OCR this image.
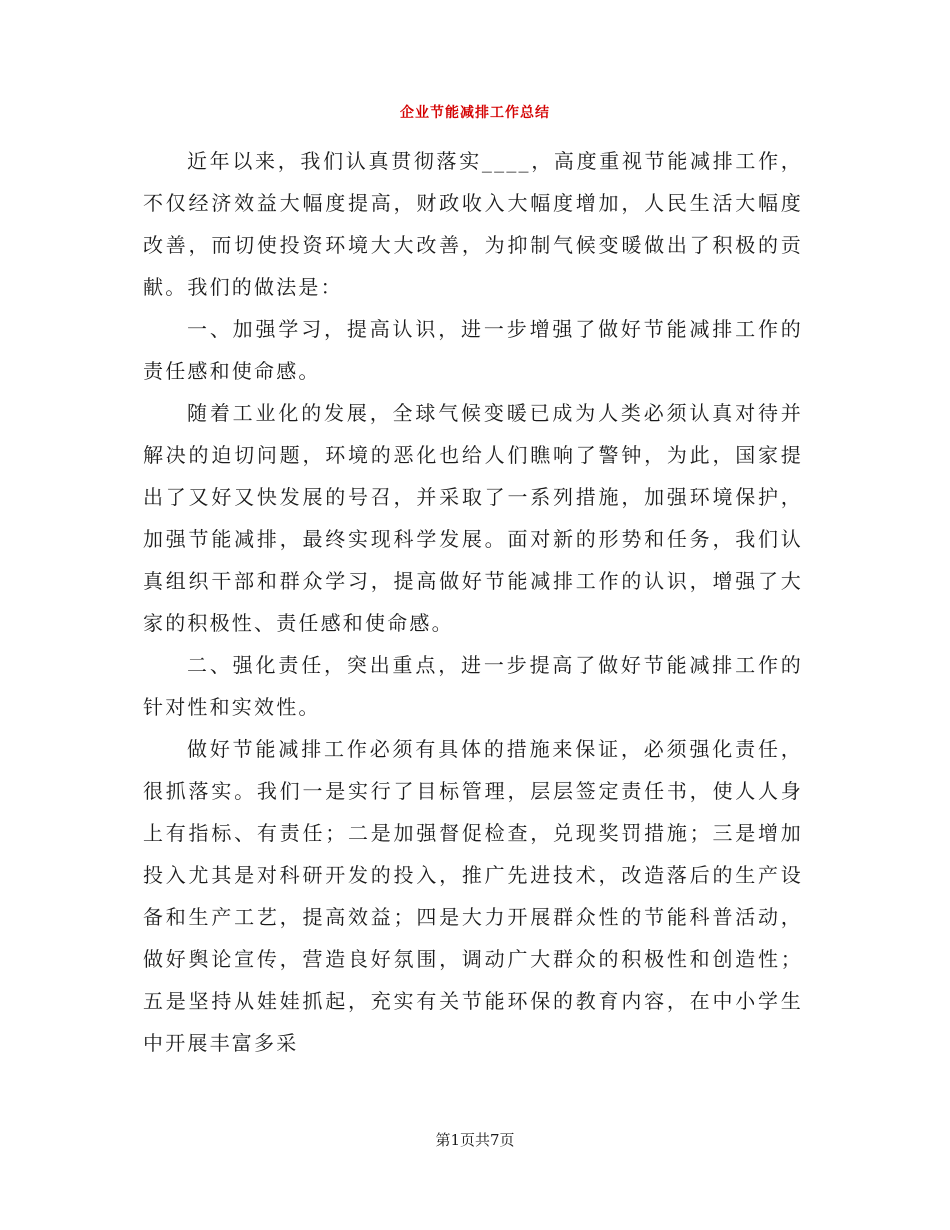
企业节能减排工作总结

近年以来，我们认真贯彻落实____，高度重视节能减排工作，不仅经济效益大幅度提高，财政收入大幅度增加，人民生活大幅度改善，而切使投资环境大大改善，为抑制气候变暖做出了积极的贡献。我们的做法是：

一、加强学习，提高认识，进一步增强了做好节能减排工作的责任感和使命感。

随着工业化的发展，全球气候变暖已成为人类必须认真对待并解决的迫切问题，环境的恶化也给人们瞧响了警钟，为此，国家提出了又好又快发展的号召，并采取了一系列措施，加强环境保护，加强节能减排，最终实现科学发展。面对新的形势和任务，我们认真组织干部和群众学习，提高做好节能减排工作的认识，增强了大家的积极性、责任感和使命感。

二、强化责任，突出重点，进一步提高了做好节能减排工作的针对性和实效性。

做好节能减排工作必须有具体的措施来保证，必须强化责任，很抓落实。我们一是实行了目标管理，层层签定责任书，使人人身上有指标、有责任；二是加强督促检查，兑现奖罚措施；三是增加投入尤其是对科研开发的投入，推广先进技术，改造落后的生产设备和生产工艺，提高效益；四是大力开展群众性的节能科普活动，做好舆论宣传，营造良好氛围，调动广大群众的积极性和创造性；五是坚持从娃娃抓起，充实有关节能环保的教育内容，在中小学生中开展丰富多采

第1页共7页
